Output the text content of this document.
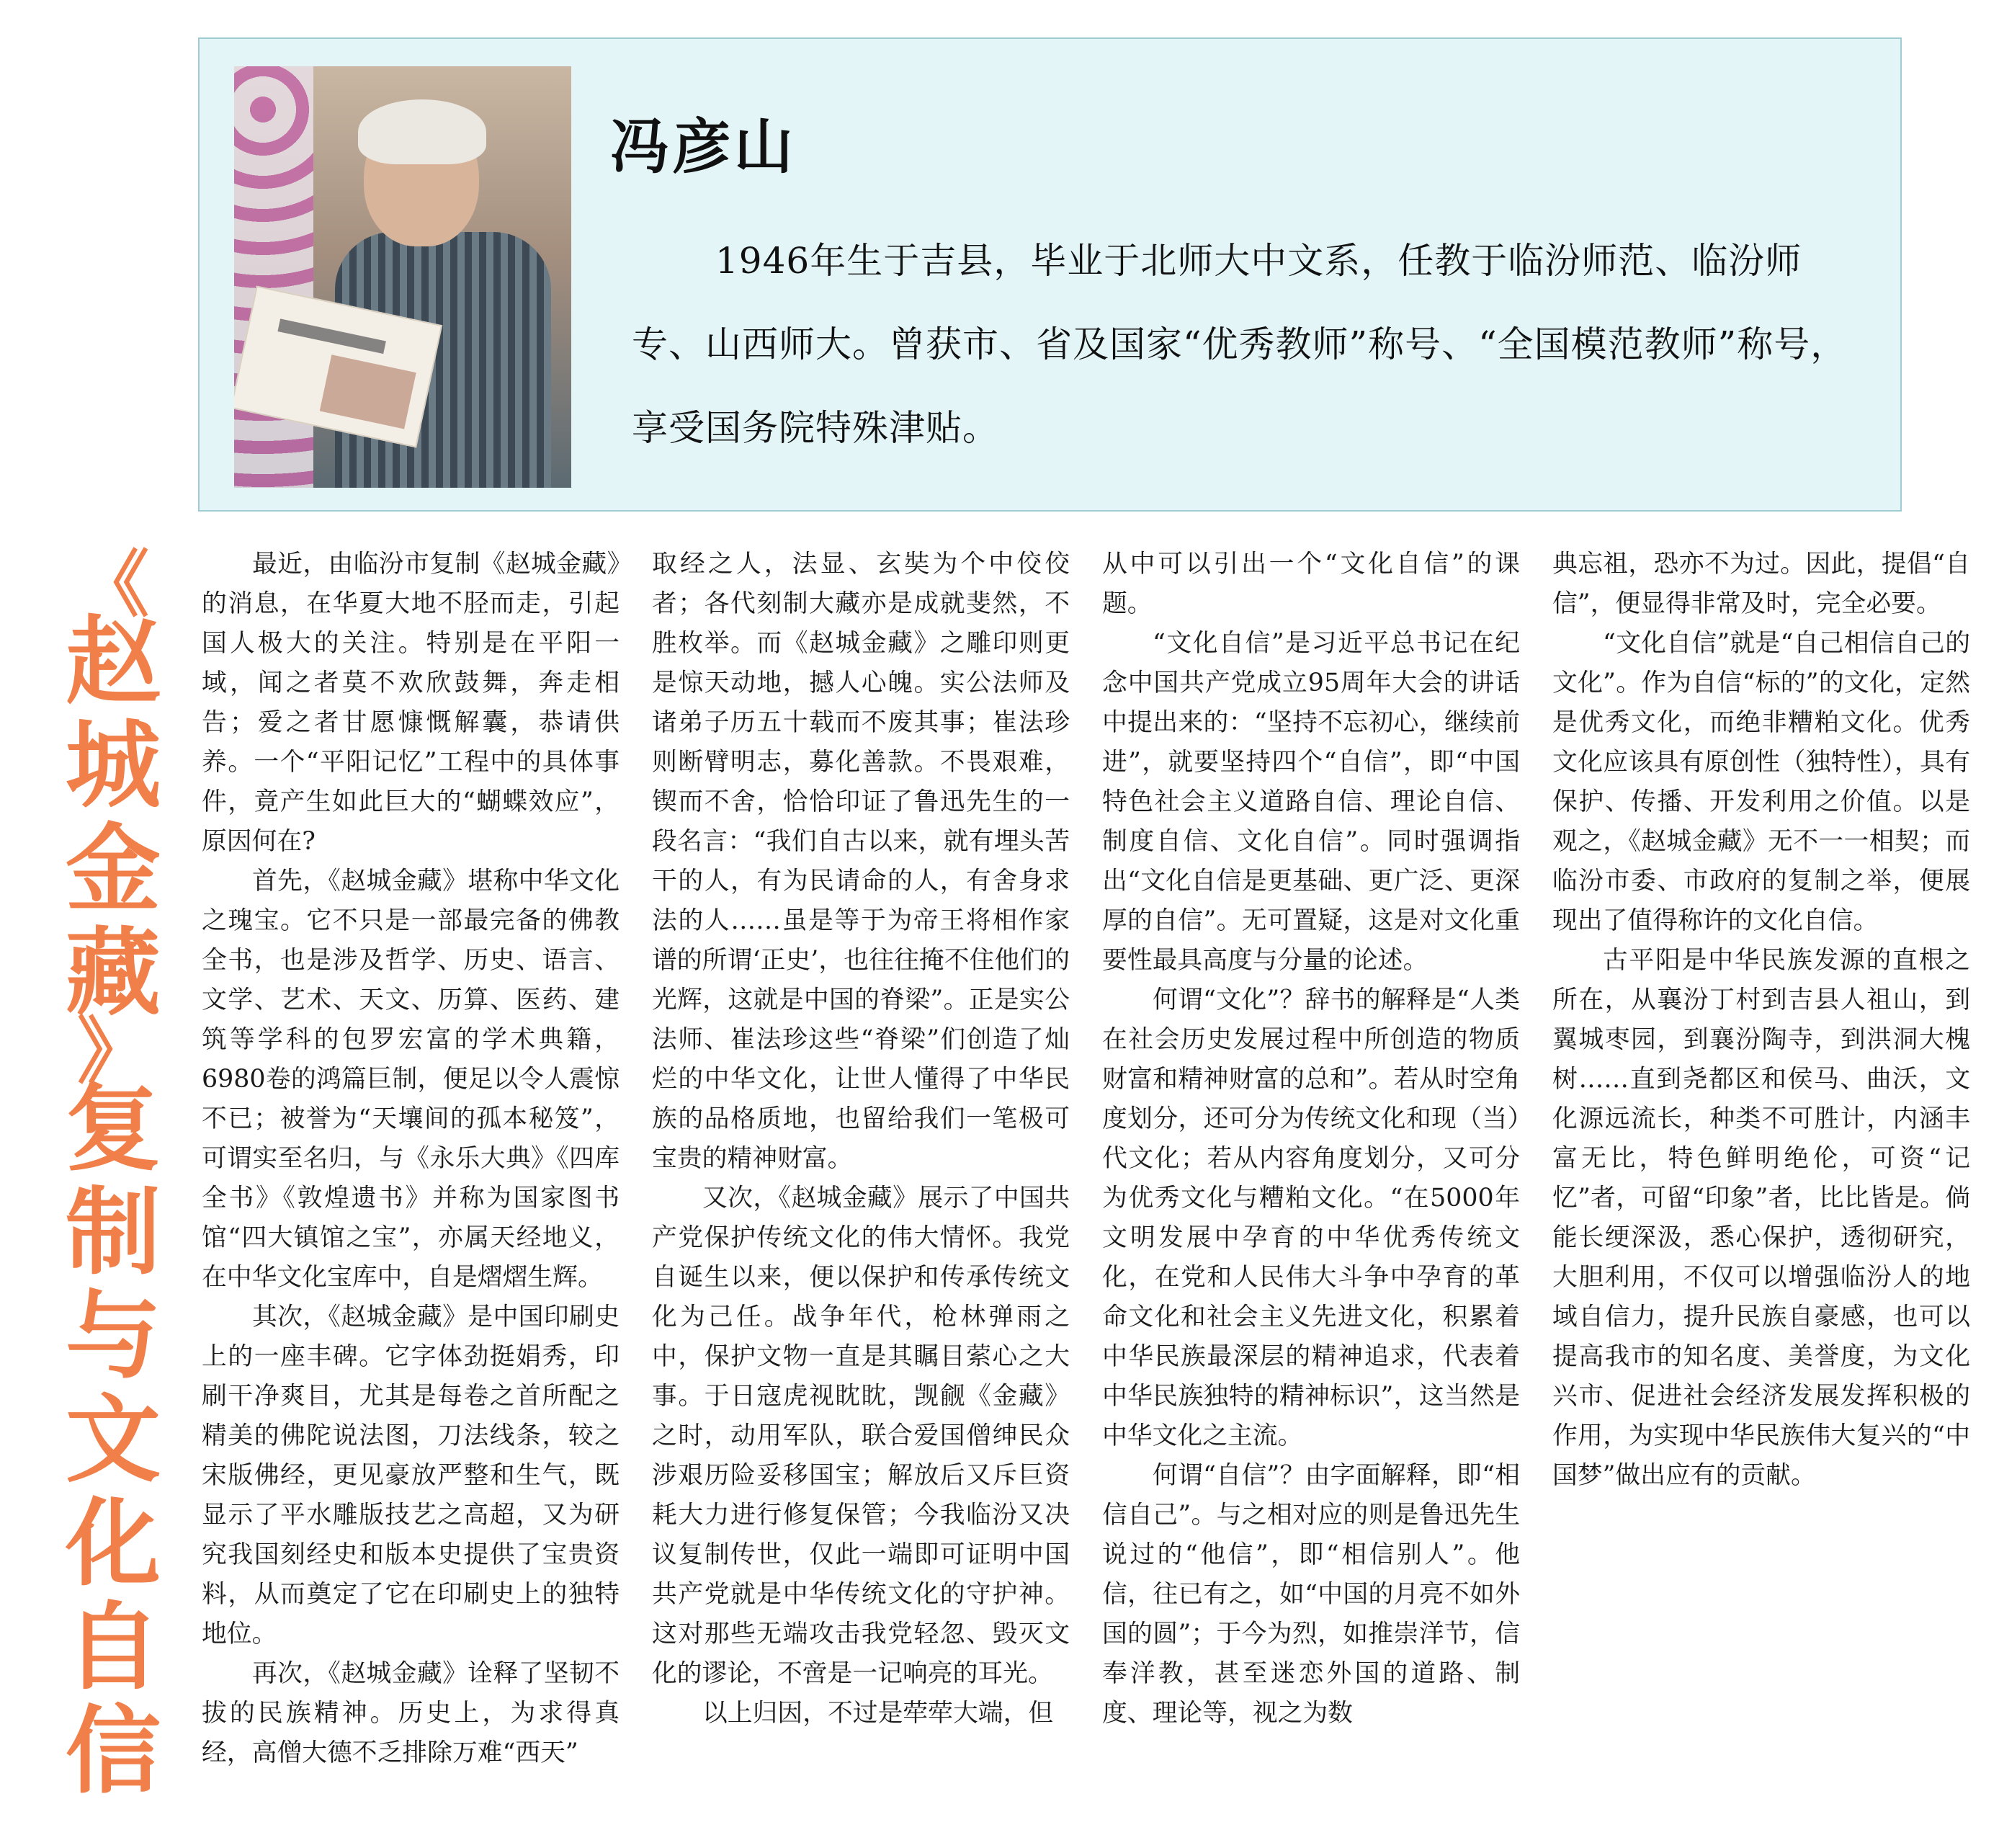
冯彦山

1946年生于吉县，毕业于北师大中文系，任教于临汾师范、临汾师专、山西师大。曾获市、省及国家“优秀教师”称号、“全国模范教师”称号，享受国务院特殊津贴。

《
赵
城
金
藏
》
复
制
与
文
化
自
信

最近，由临汾市复制《赵城金藏》的消息，在华夏大地不胫而走，引起国人极大的关注。特别是在平阳一域，闻之者莫不欢欣鼓舞，奔走相告；爱之者甘愿慷慨解囊，恭请供养。一个“平阳记忆”工程中的具体事件，竟产生如此巨大的“蝴蝶效应”，原因何在?

首先，《赵城金藏》堪称中华文化之瑰宝。它不只是一部最完备的佛教全书，也是涉及哲学、历史、语言、文学、艺术、天文、历算、医药、建筑等学科的包罗宏富的学术典籍，6980卷的鸿篇巨制，便足以令人震惊不已；被誉为“天壤间的孤本秘笈”，可谓实至名归，与《永乐大典》《四库全书》《敦煌遗书》并称为国家图书馆“四大镇馆之宝”，亦属天经地义，在中华文化宝库中，自是熠熠生辉。

其次，《赵城金藏》是中国印刷史上的一座丰碑。它字体劲挺娟秀，印刷干净爽目，尤其是每卷之首所配之精美的佛陀说法图，刀法线条，较之宋版佛经，更见豪放严整和生气，既显示了平水雕版技艺之高超，又为研究我国刻经史和版本史提供了宝贵资料，从而奠定了它在印刷史上的独特地位。

再次，《赵城金藏》诠释了坚韧不拔的民族精神。历史上，为求得真经，高僧大德不乏排除万难“西天”

取经之人，法显、玄奘为个中佼佼者；各代刻制大藏亦是成就斐然，不胜枚举。而《赵城金藏》之雕印则更是惊天动地，撼人心魄。实公法师及诸弟子历五十载而不废其事；崔法珍则断臂明志，募化善款。不畏艰难，锲而不舍，恰恰印证了鲁迅先生的一段名言：“我们自古以来，就有埋头苦干的人，有为民请命的人，有舍身求法的人……虽是等于为帝王将相作家谱的所谓‘正史’，也往往掩不住他们的光辉，这就是中国的脊梁”。正是实公法师、崔法珍这些“脊梁”们创造了灿烂的中华文化，让世人懂得了中华民族的品格质地，也留给我们一笔极可宝贵的精神财富。

又次，《赵城金藏》展示了中国共产党保护传统文化的伟大情怀。我党自诞生以来，便以保护和传承传统文化为己任。战争年代，枪林弹雨之中，保护文物一直是其瞩目萦心之大事。于日寇虎视眈眈，觊觎《金藏》之时，动用军队，联合爱国僧绅民众涉艰历险妥移国宝；解放后又斥巨资耗大力进行修复保管；今我临汾又决议复制传世，仅此一端即可证明中国共产党就是中华传统文化的守护神。这对那些无端攻击我党轻忽、毁灭文化的谬论，不啻是一记响亮的耳光。

以上归因，不过是荦荦大端，但

从中可以引出一个“文化自信”的课题。

“文化自信”是习近平总书记在纪念中国共产党成立95周年大会的讲话中提出来的：“坚持不忘初心，继续前进”，就要坚持四个“自信”，即“中国特色社会主义道路自信、理论自信、制度自信、文化自信”。同时强调指出“文化自信是更基础、更广泛、更深厚的自信”。无可置疑，这是对文化重要性最具高度与分量的论述。

何谓“文化”？辞书的解释是“人类在社会历史发展过程中所创造的物质财富和精神财富的总和”。若从时空角度划分，还可分为传统文化和现（当）代文化；若从内容角度划分，又可分为优秀文化与糟粕文化。“在5000年文明发展中孕育的中华优秀传统文化，在党和人民伟大斗争中孕育的革命文化和社会主义先进文化，积累着中华民族最深层的精神追求，代表着中华民族独特的精神标识”，这当然是中华文化之主流。

何谓“自信”？由字面解释，即“相信自己”。与之相对应的则是鲁迅先生说过的“他信”，即“相信别人”。他信，往已有之，如“中国的月亮不如外国的圆”；于今为烈，如推崇洋节，信奉洋教，甚至迷恋外国的道路、制度、理论等，视之为数

典忘祖，恐亦不为过。因此，提倡“自信”，便显得非常及时，完全必要。

“文化自信”就是“自己相信自己的文化”。作为自信“标的”的文化，定然是优秀文化，而绝非糟粕文化。优秀文化应该具有原创性（独特性），具有保护、传播、开发利用之价值。以是观之，《赵城金藏》无不一一相契；而临汾市委、市政府的复制之举，便展现出了值得称许的文化自信。

古平阳是中华民族发源的直根之所在，从襄汾丁村到吉县人祖山，到翼城枣园，到襄汾陶寺，到洪洞大槐树……直到尧都区和侯马、曲沃，文化源远流长，种类不可胜计，内涵丰富无比，特色鲜明绝伦，可资“记忆”者，可留“印象”者，比比皆是。倘能长绠深汲，悉心保护，透彻研究，大胆利用，不仅可以增强临汾人的地域自信力，提升民族自豪感，也可以提高我市的知名度、美誉度，为文化兴市、促进社会经济发展发挥积极的作用，为实现中华民族伟大复兴的“中国梦”做出应有的贡献。
